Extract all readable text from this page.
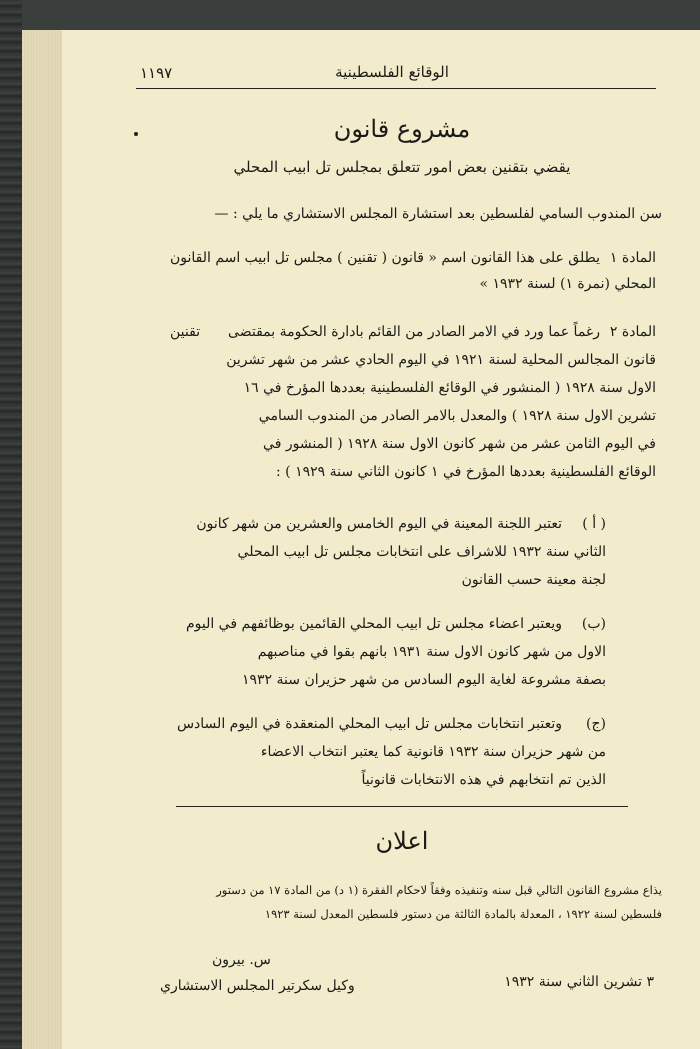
١١٩٧	الوقائع الفلسطينية
مشروع قانون
يقضي بتقنين بعض امور تتعلق بمجلس تل ابيب المحلي
سن المندوب السامي لفلسطين بعد استشارة المجلس الاستشاري ما يلي : —
المادة ١
اسم القانون يطلق على هذا القانون اسم « قانون ( تقنين ) مجلس تل ابيب
المحلي (نمرة ١) لسنة ١٩٣٢ »
المادة ٢
تقنين	رغماً عما ورد في الامر الصادر من القائم بادارة الحكومة بمقتضى
قانون المجالس المحلية لسنة ١٩٢١ في اليوم الحادي عشر من شهر تشرين
الاول سنة ١٩٢٨ ( المنشور في الوقائع الفلسطينية بعددها المؤرخ في ١٦
تشرين الاول سنة ١٩٢٨ ) والمعدل بالامر الصادر من المندوب السامي
في اليوم الثامن عشر من شهر كانون الاول سنة ١٩٢٨ ( المنشور في
الوقائع الفلسطينية بعددها المؤرخ في ١ كانون الثاني سنة ١٩٢٩ ) :
( أ )
تعتبر اللجنة المعينة في اليوم الخامس والعشرين من شهر كانون
الثاني سنة ١٩٣٢ للاشراف على انتخابات مجلس تل ابيب المحلي
لجنة معينة حسب القانون
(ب)
ويعتبر اعضاء مجلس تل ابيب المحلي القائمين بوظائفهم في اليوم
الاول من شهر كانون الاول سنة ١٩٣١ بانهم بقوا في مناصبهم
بصفة مشروعة لغاية اليوم السادس من شهر حزيران سنة ١٩٣٢
(ج)
وتعتبر انتخابات مجلس تل ابيب المحلي المنعقدة في اليوم السادس
من شهر حزيران سنة ١٩٣٢ قانونية كما يعتبر انتخاب الاعضاء
الذين تم انتخابهم في هذه الانتخابات قانونياً
اعلان
يذاع مشروع القانون التالي قبل سنه وتنفيذه وفقاً لاحكام الفقرة (١ د) من المادة ١٧ من دستور
فلسطين لسنة ١٩٢٢ ، المعدلة بالمادة الثالثة من دستور فلسطين المعدل لسنة ١٩٢٣
س. بيرون
وكيل سكرتير المجلس الاستشاري	٣ تشرين الثاني سنة ١٩٣٢
